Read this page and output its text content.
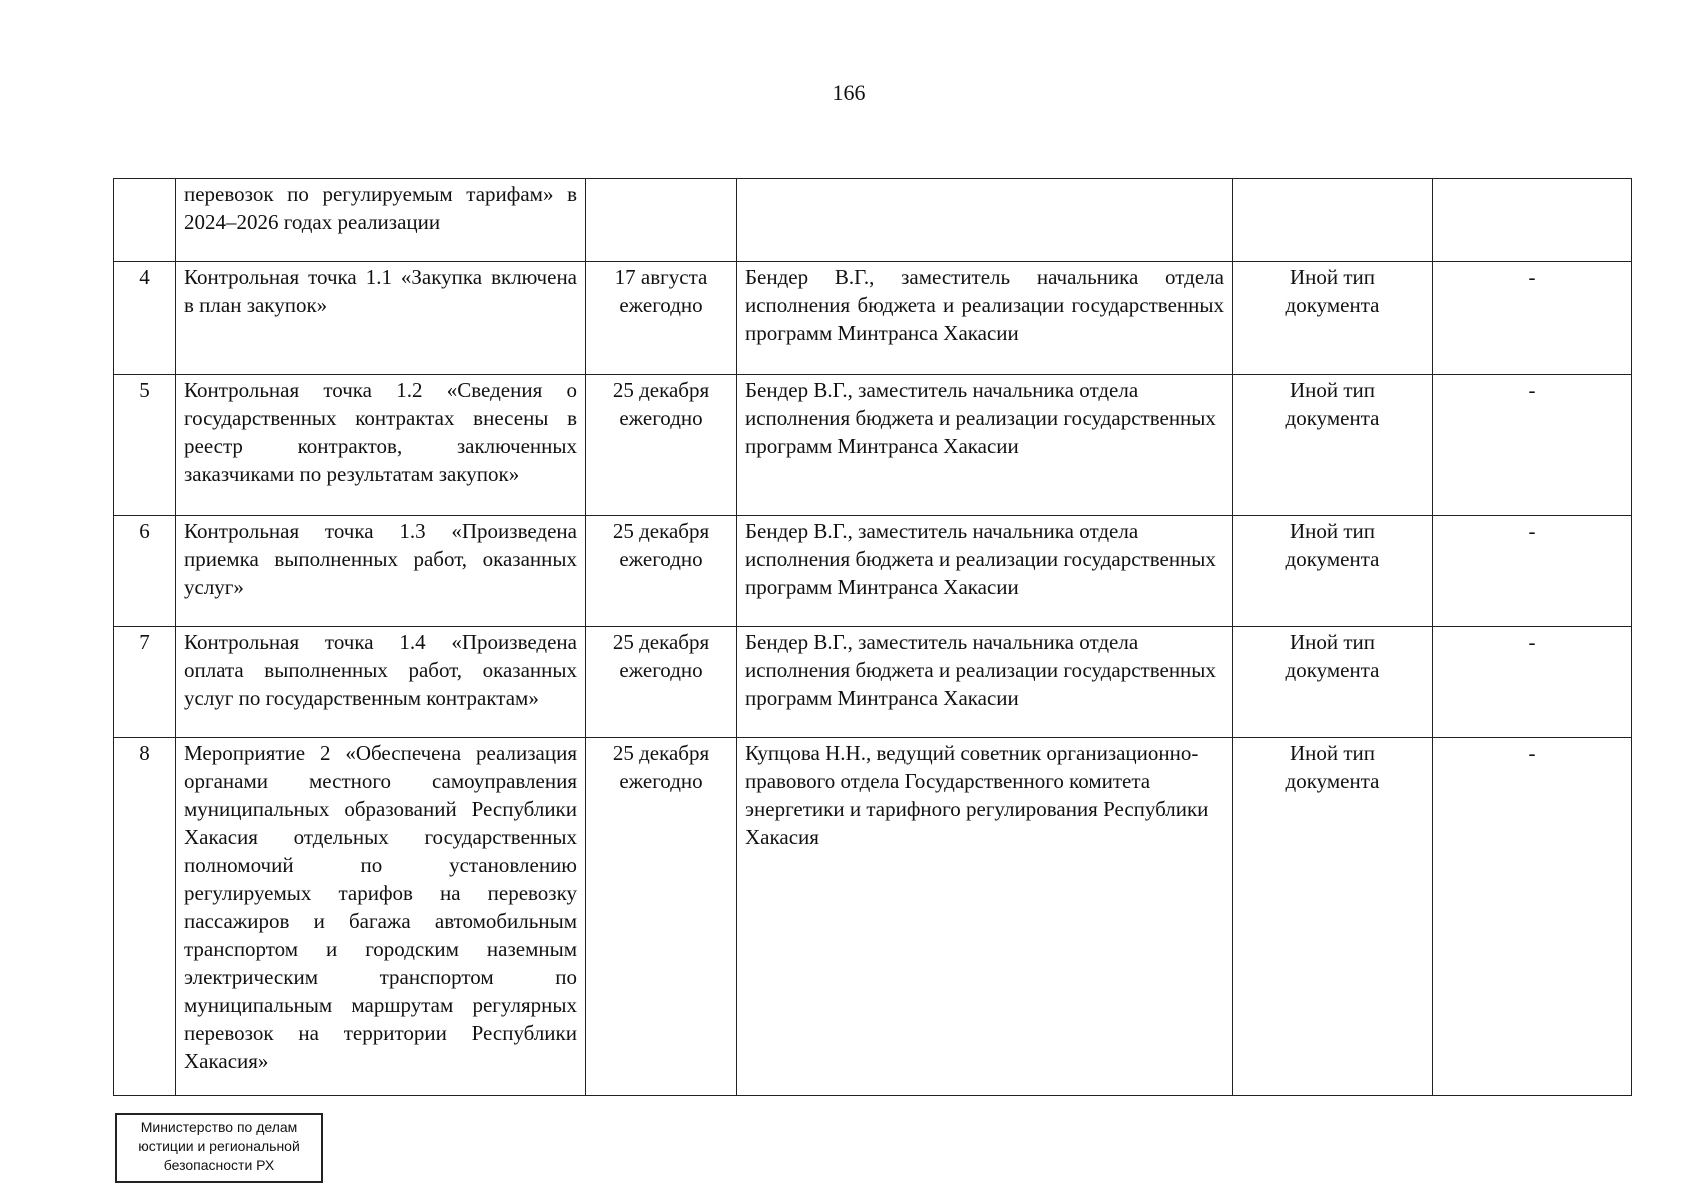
166
	перевозок по регулируемым тарифам» в 2024–2026 годах реализации				
4	Контрольная точка 1.1 «Закупка включена в план закупок»	17 августа ежегодно	Бендер В.Г., заместитель начальника отдела исполнения бюджета и реализации государственных программ Минтранса Хакасии	Иной тип документа	-
5	Контрольная точка 1.2 «Сведения о государственных контрактах внесены в реестр контрактов, заключенных заказчиками по результатам закупок»	25 декабря ежегодно	Бендер В.Г., заместитель начальника отдела исполнения бюджета и реализации государственных программ Минтранса Хакасии	Иной тип документа	-
6	Контрольная точка 1.3 «Произведена приемка выполненных работ, оказанных услуг»	25 декабря ежегодно	Бендер В.Г., заместитель начальника отдела исполнения бюджета и реализации государственных программ Минтранса Хакасии	Иной тип документа	-
7	Контрольная точка 1.4 «Произведена оплата выполненных работ, оказанных услуг по государственным контрактам»	25 декабря ежегодно	Бендер В.Г., заместитель начальника отдела исполнения бюджета и реализации государственных программ Минтранса Хакасии	Иной тип документа	-
8	Мероприятие 2 «Обеспечена реализация органами местного самоуправления муниципальных образований Республики Хакасия отдельных государственных полномочий по установлению регулируемых тарифов на перевозку пассажиров и багажа автомобильным транспортом и городским наземным электрическим транспортом по муниципальным маршрутам регулярных перевозок на территории Республики Хакасия»	25 декабря ежегодно	Купцова Н.Н., ведущий советник организационно-правового отдела Государственного комитета энергетики и тарифного регулирования Республики Хакасия	Иной тип документа	-
Министерство по делам
юстиции и региональной
безопасности РХ
